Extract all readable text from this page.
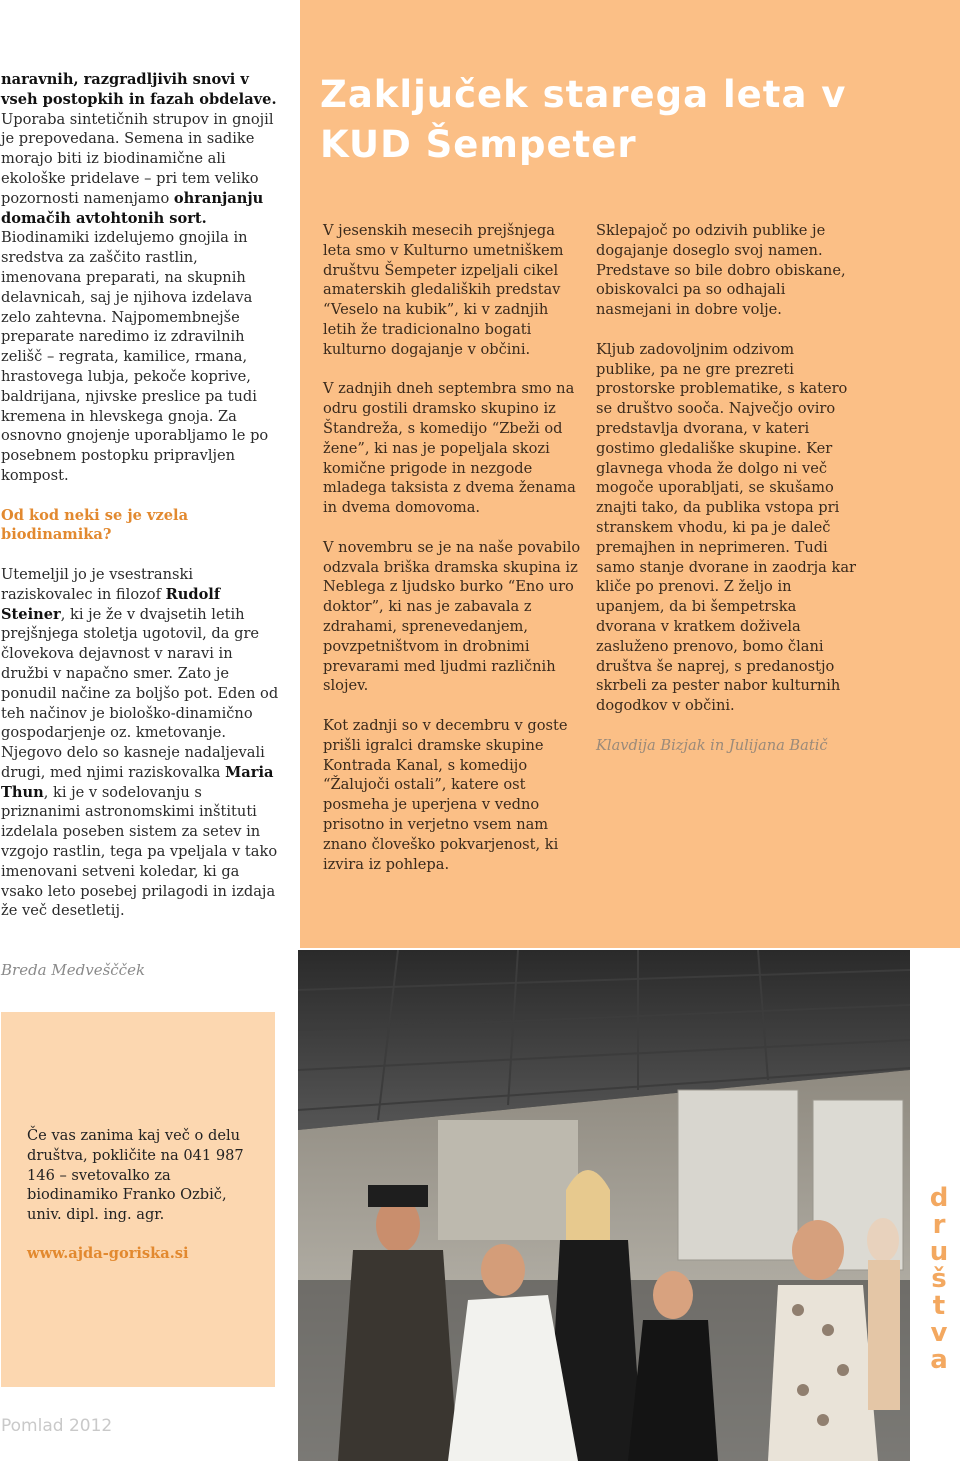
naravnih, razgradljivih snovi v vseh postopkih in fazah obdelave. Uporaba sintetičnih strupov in gnojil je prepovedana. Semena in sadike morajo biti iz biodinamične ali ekološke pridelave – pri tem veliko pozornosti namenjamo ohranjanju domačih avtohtonih sort. Biodinamiki izdelujemo gnojila in sredstva za zaščito rastlin, imenovana preparati, na skupnih delavnicah, saj je njihova izdelava zelo zahtevna. Najpomembnejše preparate naredimo iz zdravilnih zelišč – regrata, kamilice, rmana, hrastovega lubja, pekoče koprive, baldrijana, njivske preslice pa tudi kremena in hlevskega gnoja. Za osnovno gnojenje uporabljamo le po posebnem postopku pripravljen kompost.

Od kod neki se je vzela biodinamika?

Utemeljil jo je vsestranski raziskovalec in filozof Rudolf Steiner, ki je že v dvajsetih letih prejšnjega stoletja ugotovil, da gre človekova dejavnost v naravi in družbi v napačno smer. Zato je ponudil načine za boljšo pot. Eden od teh načinov je biološko-dinamično gospodarjenje oz. kmetovanje. Njegovo delo so kasneje nadaljevali drugi, med njimi raziskovalka Maria Thun, ki je v sodelovanju s priznanimi astronomskimi inštituti izdelala poseben sistem za setev in vzgojo rastlin, tega pa vpeljala v tako imenovani setveni koledar, ki ga vsako leto posebej prilagodi in izdaja že več desetletij.

Breda Medveščček
Če vas zanima kaj več o delu društva, pokličite na 041 987 146 – svetovalko za biodinamiko Franko Ozbič, univ. dipl. ing. agr.
www.ajda-goriska.si
Pomlad 2012
Zaključek starega leta v
KUD Šempeter

V jesenskih mesecih prejšnjega leta smo v Kulturno umetniškem društvu Šempeter izpeljali cikel amaterskih gledaliških predstav “Veselo na kubik”, ki v zadnjih letih že tradicionalno bogati kulturno dogajanje v občini.

V zadnjih dneh septembra smo na odru gostili dramsko skupino iz Štandreža, s komedijo “Zbeži od žene”, ki nas je popeljala skozi komične prigode in nezgode mladega taksista z dvema ženama in dvema domovoma.

V novembru se je na naše povabilo odzvala briška dramska skupina iz Neblega z ljudsko burko “Eno uro doktor”, ki nas je zabavala z zdrahami, sprenevedanjem, povzpetništvom in drobnimi prevarami med ljudmi različnih slojev.

Kot zadnji so v decembru v goste prišli igralci dramske skupine Kontrada Kanal, s komedijo “Žalujoči ostali”, katere ost posmeha je uperjena v vedno prisotno in verjetno vsem nam znano človeško pokvarjenost, ki izvira iz pohlepa.

Sklepajoč po odzivih publike je dogajanje doseglo svoj namen. Predstave so bile dobro obiskane, obiskovalci pa so odhajali nasmejani in dobre volje.

Kljub zadovoljnim odzivom publike, pa ne gre prezreti prostorske problematike, s katero se društvo sooča. Največjo oviro predstavlja dvorana, v kateri gostimo gledališke skupine. Ker glavnega vhoda že dolgo ni več mogoče uporabljati, se skušamo znajti tako, da publika vstopa pri stranskem vhodu, ki pa je daleč premajhen in neprimeren. Tudi samo stanje dvorane in zaodrja kar kliče po prenovi. Z željo in upanjem, da bi šempetrska dvorana v kratkem doživela zasluženo prenovo, bomo člani društva še naprej, s predanostjo skrbeli za pester nabor kulturnih dogodkov v občini.

Klavdija Bizjak in Julijana Batič

d
r
u
š
t
v
a
